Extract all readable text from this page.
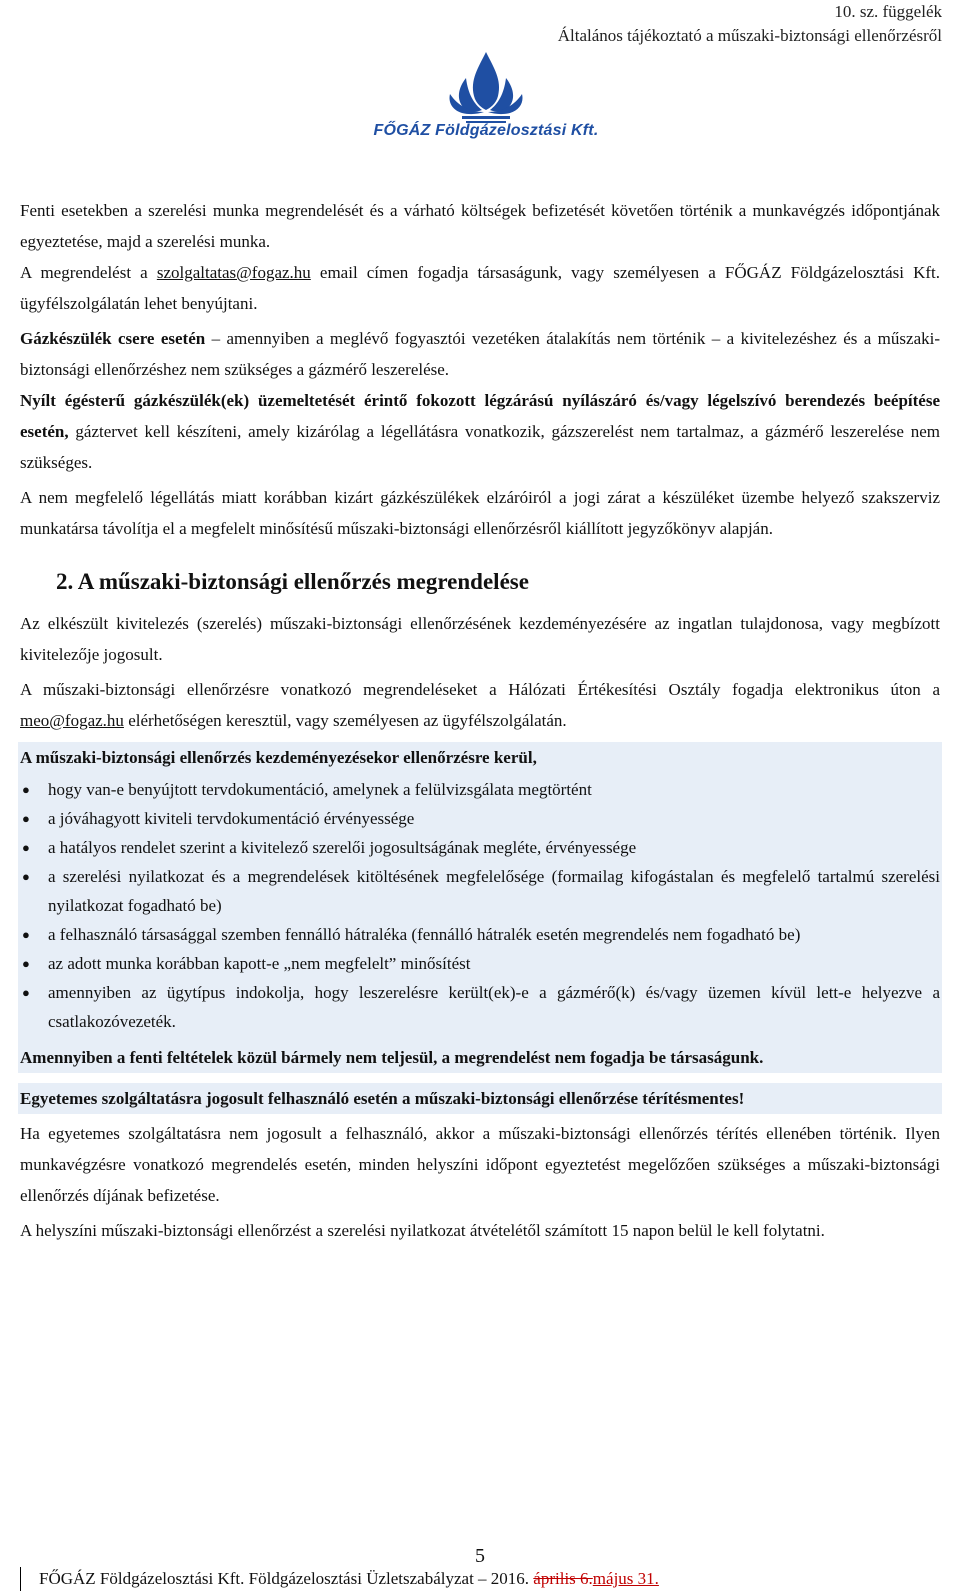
10. sz. függelék
Általános tájékoztató a műszaki-biztonsági ellenőrzésről
FŐGÁZ Földgázelosztási Kft.

Fenti esetekben a szerelési munka megrendelését és a várható költségek befizetését követően történik a munkavégzés időpontjának egyeztetése, majd a szerelési munka.

A megrendelést a szolgaltatas@fogaz.hu email címen fogadja társaságunk, vagy személyesen a FŐGÁZ Földgázelosztási Kft. ügyfélszolgálatán lehet benyújtani.

Gázkészülék csere esetén – amennyiben a meglévő fogyasztói vezetéken átalakítás nem történik – a kivitelezéshez és a műszaki-biztonsági ellenőrzéshez nem szükséges a gázmérő leszerelése.

Nyílt égésterű gázkészülék(ek) üzemeltetését érintő fokozott légzárású nyílászáró és/vagy légelszívó berendezés beépítése esetén, gáztervet kell készíteni, amely kizárólag a légellátásra vonatkozik, gázszerelést nem tartalmaz, a gázmérő leszerelése nem szükséges.

A nem megfelelő légellátás miatt korábban kizárt gázkészülékek elzáróiról a jogi zárat a készüléket üzembe helyező szakszerviz munkatársa távolítja el a megfelelt minősítésű műszaki-biztonsági ellenőrzésről kiállított jegyzőkönyv alapján.

2. A műszaki-biztonsági ellenőrzés megrendelése

Az elkészült kivitelezés (szerelés) műszaki-biztonsági ellenőrzésének kezdeményezésére az ingatlan tulajdonosa, vagy megbízott kivitelezője jogosult.

A műszaki-biztonsági ellenőrzésre vonatkozó megrendeléseket a Hálózati Értékesítési Osztály fogadja elektronikus úton a meo@fogaz.hu elérhetőségen keresztül, vagy személyesen az ügyfélszolgálatán.

A műszaki-biztonsági ellenőrzés kezdeményezésekor ellenőrzésre kerül,

● hogy van-e benyújtott tervdokumentáció, amelynek a felülvizsgálata megtörtént
● a jóváhagyott kiviteli tervdokumentáció érvényessége
● a hatályos rendelet szerint a kivitelező szerelői jogosultságának megléte, érvényessége
● a szerelési nyilatkozat és a megrendelések kitöltésének megfelelősége (formailag kifogástalan és megfelelő tartalmú szerelési nyilatkozat fogadható be)
● a felhasználó társasággal szemben fennálló hátraléka (fennálló hátralék esetén megrendelés nem fogadható be)
● az adott munka korábban kapott-e „nem megfelelt” minősítést
● amennyiben az ügytípus indokolja, hogy leszerelésre került(ek)-e a gázmérő(k) és/vagy üzemen kívül lett-e helyezve a csatlakozóvezeték.

Amennyiben a fenti feltételek közül bármely nem teljesül, a megrendelést nem fogadja be társaságunk.

Egyetemes szolgáltatásra jogosult felhasználó esetén a műszaki-biztonsági ellenőrzése térítésmentes!

Ha egyetemes szolgáltatásra nem jogosult a felhasználó, akkor a műszaki-biztonsági ellenőrzés térítés ellenében történik. Ilyen munkavégzésre vonatkozó megrendelés esetén, minden helyszíni időpont egyeztetést megelőzően szükséges a műszaki-biztonsági ellenőrzés díjának befizetése.

A helyszíni műszaki-biztonsági ellenőrzést a szerelési nyilatkozat átvételétől számított 15 napon belül le kell folytatni.

5
FŐGÁZ Földgázelosztási Kft. Földgázelosztási Üzletszabályzat – 2016. április 6.május 31.
